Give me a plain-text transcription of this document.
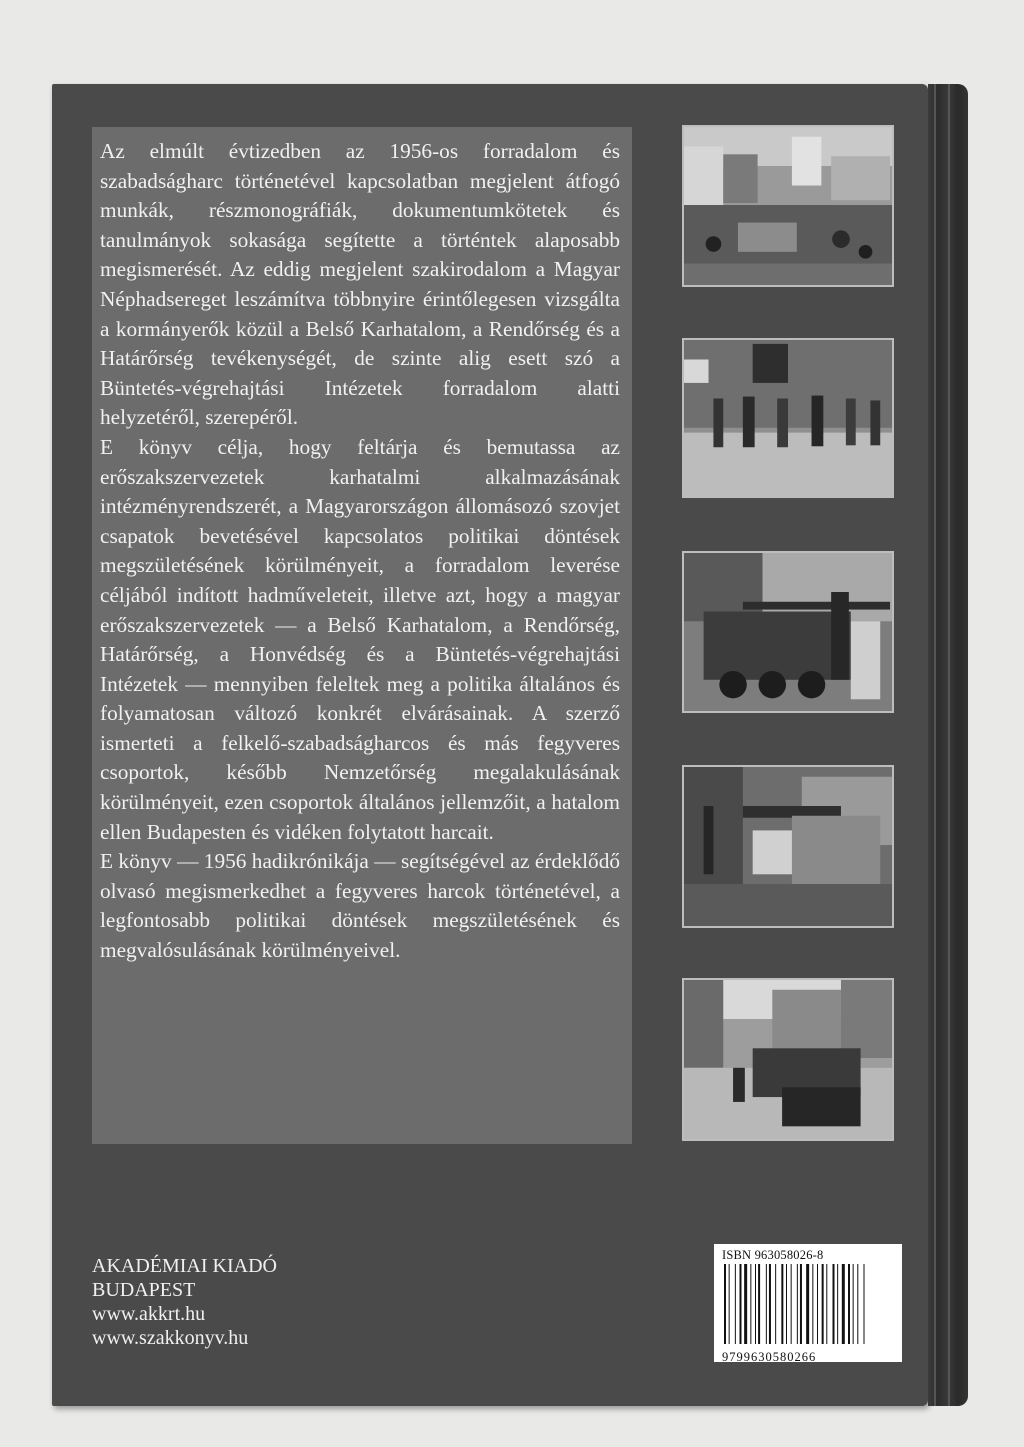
Az elmúlt évtizedben az 1956-os forradalom és szabadságharc történetével kapcsolatban megjelent átfogó munkák, részmonográfiák, dokumentumkötetek és tanulmányok sokasága segítette a történtek alaposabb megismerését. Az eddig megjelent szakirodalom a Magyar Néphadsereget leszámítva többnyire érintőlegesen vizsgálta a kormányerők közül a Belső Karhatalom, a Rendőrség és a Határőrség tevékenységét, de szinte alig esett szó a Büntetés-végrehajtási Intézetek forradalom alatti helyzetéről, szerepéről.

E könyv célja, hogy feltárja és bemutassa az erőszakszervezetek karhatalmi alkalmazásának intézményrendszerét, a Magyarországon állomásozó szovjet csapatok bevetésével kapcsolatos politikai döntések megszületésének körülményeit, a forradalom leverése céljából indított hadműveleteit, illetve azt, hogy a magyar erőszakszervezetek — a Belső Karhatalom, a Rendőrség, Határőrség, a Honvédség és a Büntetés-végrehajtási Intézetek — mennyiben feleltek meg a politika általános és folyamatosan változó konkrét elvárásainak. A szerző ismerteti a felkelő-szabadságharcos és más fegyveres csoportok, később Nemzetőrség megalakulásának körülményeit, ezen csoportok általános jellemzőit, a hatalom ellen Budapesten és vidéken folytatott harcait.

E könyv — 1956 hadikrónikája — segítségével az érdeklődő olvasó megismerkedhet a fegyveres harcok történetével, a legfontosabb politikai döntések megszületésének és megvalósulásának körülményeivel.

AKADÉMIAI KIADÓ
BUDAPEST
www.akkrt.hu
www.szakkonyv.hu
ISBN 963058026-8
9799630580266
